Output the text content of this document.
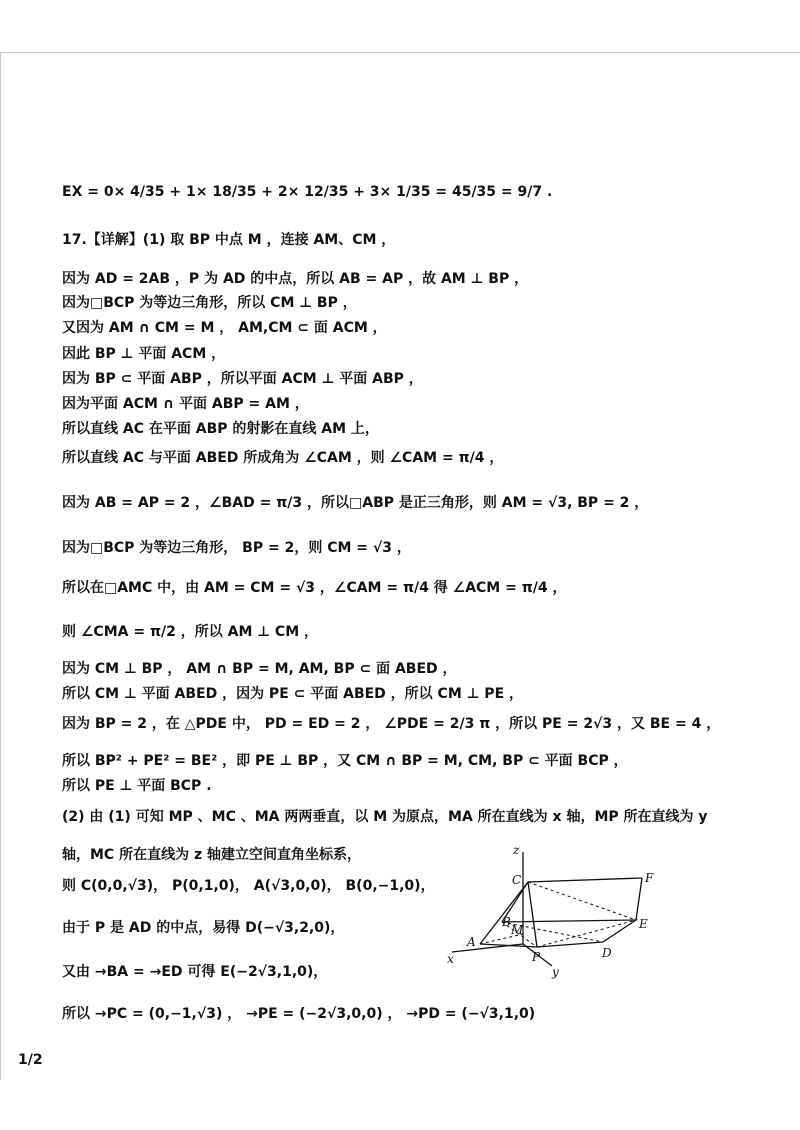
EX = 0× 4/35 + 1× 18/35 + 2× 12/35 + 3× 1/35 = 45/35 = 9/7 .
17.【详解】(1) 取 BP 中点 M ，连接 AM、CM ，
因为 AD = 2AB ，P 为 AD 的中点，所以 AB = AP ，故 AM ⊥ BP ，
因为□BCP 为等边三角形，所以 CM ⊥ BP ，
又因为 AM ∩ CM = M ， AM,CM ⊂ 面 ACM ，
因此 BP ⊥ 平面 ACM ，
因为 BP ⊂ 平面 ABP ，所以平面 ACM ⊥ 平面 ABP ，
因为平面 ACM ∩ 平面 ABP = AM ，
所以直线 AC 在平面 ABP 的射影在直线 AM 上，
所以直线 AC 与平面 ABED 所成角为 ∠CAM ，则 ∠CAM = π/4 ，
因为 AB = AP = 2 ，∠BAD = π/3 ，所以□ABP 是正三角形，则 AM = √3, BP = 2 ，
因为□BCP 为等边三角形， BP = 2，则 CM = √3 ，
所以在□AMC 中，由 AM = CM = √3 ，∠CAM = π/4 得 ∠ACM = π/4 ，
则 ∠CMA = π/2 ，所以 AM ⊥ CM ，
因为 CM ⊥ BP ， AM ∩ BP = M, AM, BP ⊂ 面 ABED ，
所以 CM ⊥ 平面 ABED ，因为 PE ⊂ 平面 ABED ，所以 CM ⊥ PE ，
因为 BP = 2 ，在 △PDE 中， PD = ED = 2 ， ∠PDE = 2/3 π ，所以 PE = 2√3 ，又 BE = 4 ，
所以 BP² + PE² = BE² ，即 PE ⊥ BP ，又 CM ∩ BP = M, CM, BP ⊂ 平面 BCP ，
所以 PE ⊥ 平面 BCP .
(2) 由 (1) 可知 MP 、MC 、MA 两两垂直，以 M 为原点，MA 所在直线为 x 轴，MP 所在直线为 y
轴，MC 所在直线为 z 轴建立空间直角坐标系，
则 C(0,0,√3)， P(0,1,0)， A(√3,0,0)， B(0,−1,0)，
由于 P 是 AD 的中点，易得 D(−√3,2,0)，
又由 →BA = →ED 可得 E(−2√3,1,0)，
所以 →PC = (0,−1,√3) ， →PE = (−2√3,0,0) ， →PD = (−√3,1,0)
z
C	F
B
M	E
A
P	D
x
y
1/2
